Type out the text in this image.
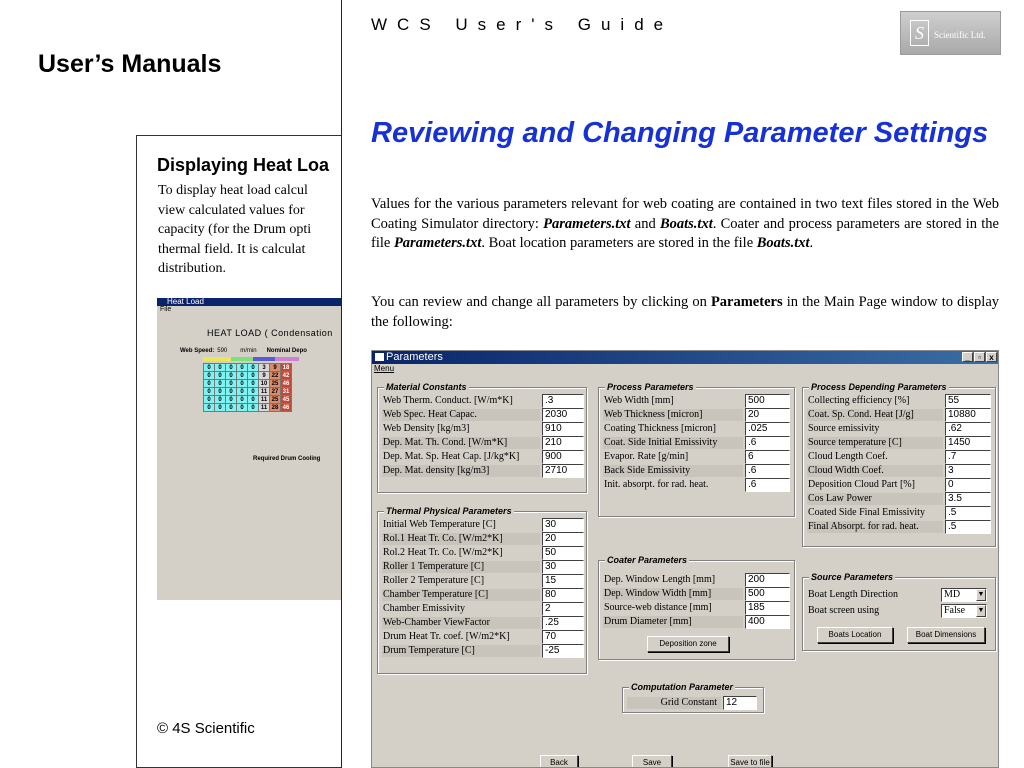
User’s Manuals
Displaying Heat Loa
To display heat load calcul
view calculated values for
capacity (for the Drum opti
thermal field. It is calculat
distribution.
Heat Load
File
HEAT LOAD ( Condensation
Web Speed: 590 m/min Nominal Depo
0	0	0	0	0	3	9	18
0	0	0	0	0	9	22	42
0	0	0	0	0	10	25	46
0	0	0	0	0	11	27	31
0	0	0	0	0	11	25	45
0	0	0	0	0	11	28	46
Required Drum Cooling
© 4S Scientific
WCS User's Guide	S	Scientific Ltd.
Reviewing and Changing Parameter Settings
Values for the various parameters relevant for web coating are contained in two text files stored in the Web Coating Simulator directory: Parameters.txt and Boats.txt. Coater and process parameters are stored in the file Parameters.txt. Boat location parameters are stored in the file Boats.txt.
You can review and change all parameters by clicking on Parameters in the Main Page window to display the following:
Parameters	_	▫	x
Menu
Material Constants
Web Therm. Conduct. [W/m*K]	.3
Web Spec. Heat Capac.	2030
Web Density [kg/m3]	910
Dep. Mat. Th. Cond. [W/m*K]	210
Dep. Mat. Sp. Heat Cap. [J/kg*K]	900
Dep. Mat. density [kg/m3]	2710
Thermal Physical Parameters
Initial Web Temperature [C]	30
Rol.1 Heat Tr. Co. [W/m2*K]	20
Rol.2 Heat Tr. Co. [W/m2*K]	50
Roller 1 Temperature [C]	30
Roller 2 Temperature [C]	15
Chamber Temperature [C]	80
Chamber Emissivity	2
Web-Chamber ViewFactor	.25
Drum Heat Tr. coef. [W/m2*K]	70
Drum Temperature [C]	-25
Process Parameters
Web Width [mm]	500
Web Thickness [micron]	20
Coating Thickness [micron]	.025
Coat. Side Initial Emissivity	.6
Evapor. Rate [g/min]	6
Back Side Emissivity	.6
Init. absorpt. for rad. heat.	.6
Coater Parameters
Dep. Window Length [mm]	200
Dep. Window Width [mm]	500
Source-web distance [mm]	185
Drum Diameter [mm]	400
Deposition zone
Process Depending Parameters
Collecting efficiency [%]	55
Coat. Sp. Cond. Heat [J/g]	10880
Source emissivity	.62
Source temperature [C]	1450
Cloud Length Coef.	.7
Cloud Width Coef.	3
Deposition Cloud Part [%]	0
Cos Law Power	3.5
Coated Side Final Emissivity	.5
Final Absorpt. for rad. heat.	.5
Source Parameters
Boat Length Direction	MD ▼
Boat screen using	False ▼
Boats Location	Boat Dimensions
Computation Parameter
Grid Constant 12
Back	Save	Save to file
